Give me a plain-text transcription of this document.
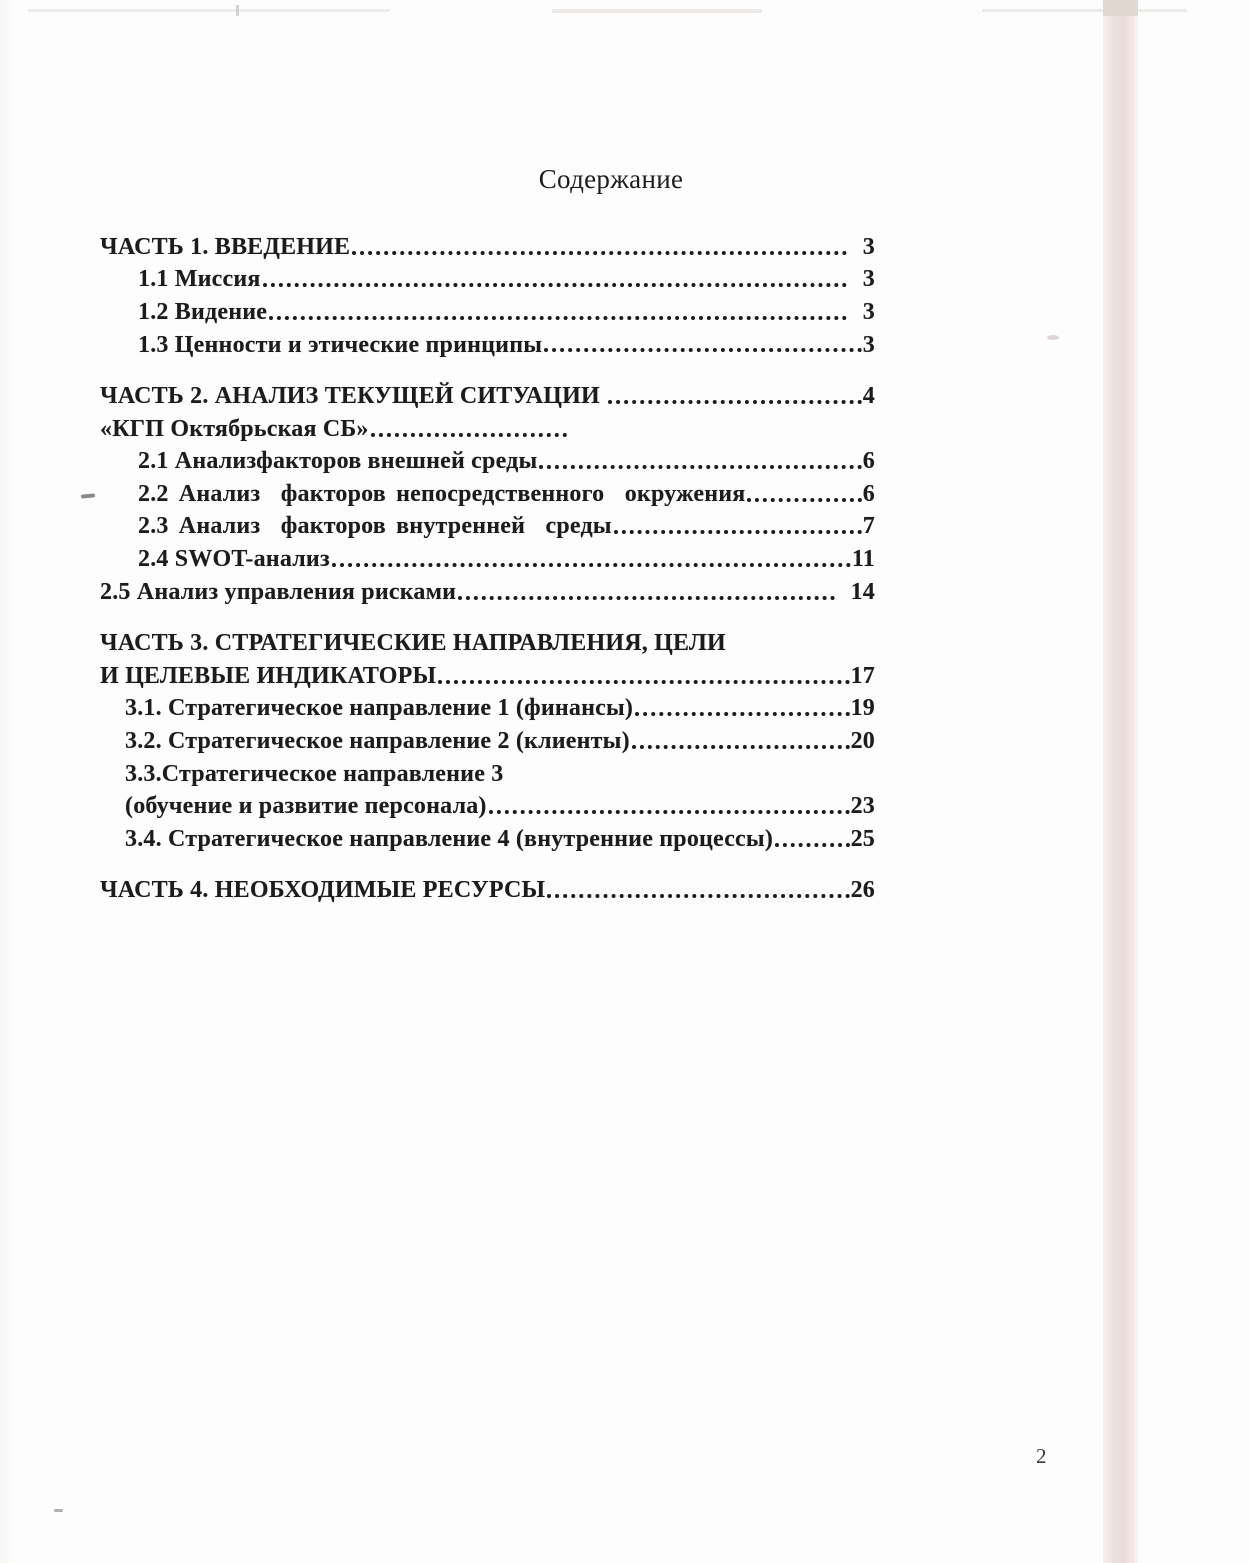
Содержание
ЧАСТЬ 1. ВВЕДЕНИЕ	3
1.1 Миссия	3
1.2 Видение	3
1.3 Ценности и этические принципы	3
ЧАСТЬ 2. АНАЛИЗ ТЕКУЩЕЙ СИТУАЦИИ	4
«КГП Октябрьская СБ»
2.1 Анализфакторов внешней среды	6
2.2 Анализ  факторов непосредственного  окружения	6
2.3 Анализ  факторов внутренней  среды	7
2.4 SWOT-анализ	11
2.5 Анализ управления рисками	14
ЧАСТЬ 3. СТРАТЕГИЧЕСКИЕ НАПРАВЛЕНИЯ, ЦЕЛИ
И ЦЕЛЕВЫЕ ИНДИКАТОРЫ	17
3.1. Стратегическое направление 1 (финансы)	19
3.2. Стратегическое направление 2 (клиенты)	20
3.3.Стратегическое направление 3
(обучение и развитие персонала)	23
3.4. Стратегическое направление 4 (внутренние процессы)	25
ЧАСТЬ 4. НЕОБХОДИМЫЕ РЕСУРСЫ	26
2
